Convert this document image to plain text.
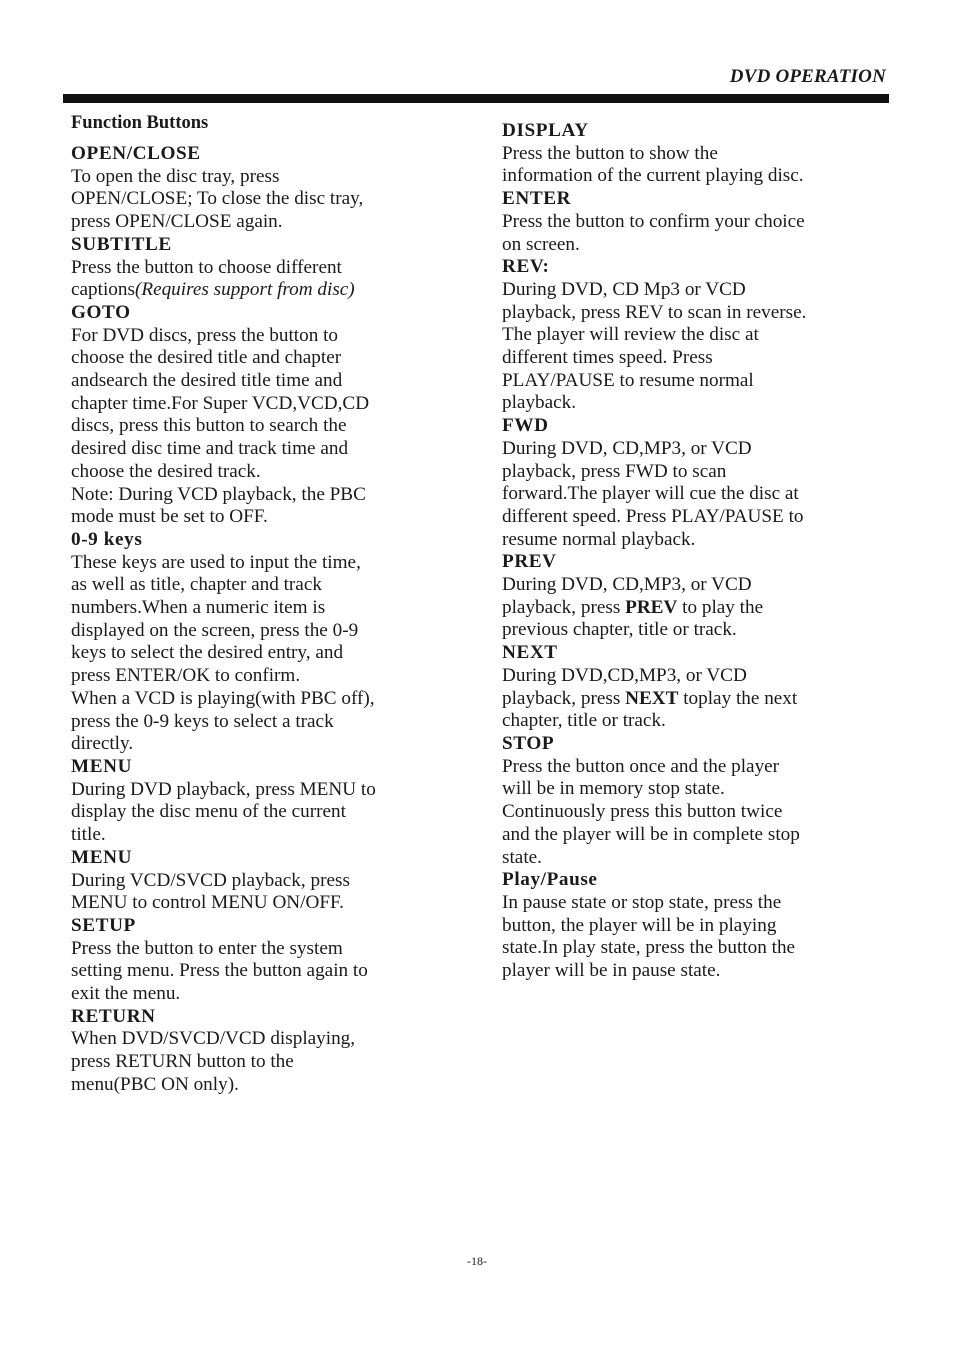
DVD OPERATION
Function Buttons
OPEN/CLOSE
To open the disc tray, press
OPEN/CLOSE; To close the disc tray,
press OPEN/CLOSE again.
SUBTITLE
Press the button to choose different
captions(Requires support from disc)
GOTO
For DVD discs, press the button to
choose the desired title and chapter
andsearch the desired title time and
chapter time.For Super VCD,VCD,CD
discs, press this button to search the
desired disc time and track time and
choose the desired track.
Note: During VCD playback, the PBC
mode must be set to OFF.
0-9 keys
These keys are used to input the time,
as well as title, chapter and track
numbers.When a numeric item is
displayed on the screen, press the 0-9
keys to select the desired entry, and
press ENTER/OK to confirm.
When a VCD is playing(with PBC off),
press the 0-9 keys to select a track
directly.
MENU
During DVD playback, press MENU to
display the disc menu of the current
title.
MENU
During VCD/SVCD playback, press
MENU to control MENU ON/OFF.
SETUP
Press the button to enter the system
setting menu. Press the button again to
exit the menu.
RETURN
When DVD/SVCD/VCD displaying,
press RETURN button to the
menu(PBC ON only).
DISPLAY
Press the button to show the
information of the current playing disc.
ENTER
Press the button to confirm your choice
on screen.
REV:
During DVD, CD Mp3 or VCD
playback, press REV to scan in reverse.
The player will review the disc at
different times speed. Press
PLAY/PAUSE to resume normal
playback.
FWD
During DVD, CD,MP3, or VCD
playback, press FWD to scan
forward.The player will cue the disc at
different speed. Press PLAY/PAUSE to
resume normal playback.
PREV
During DVD, CD,MP3, or VCD
playback, press PREV to play the
previous chapter, title or track.
NEXT
During DVD,CD,MP3, or VCD
playback, press NEXT toplay the next
chapter, title or track.
STOP
Press the button once and the player
will be in memory stop state.
Continuously press this button twice
and the player will be in complete stop
state.
Play/Pause
In pause state or stop state, press the
button, the player will be in playing
state.In play state, press the button the
player will be in pause state.
-18-
